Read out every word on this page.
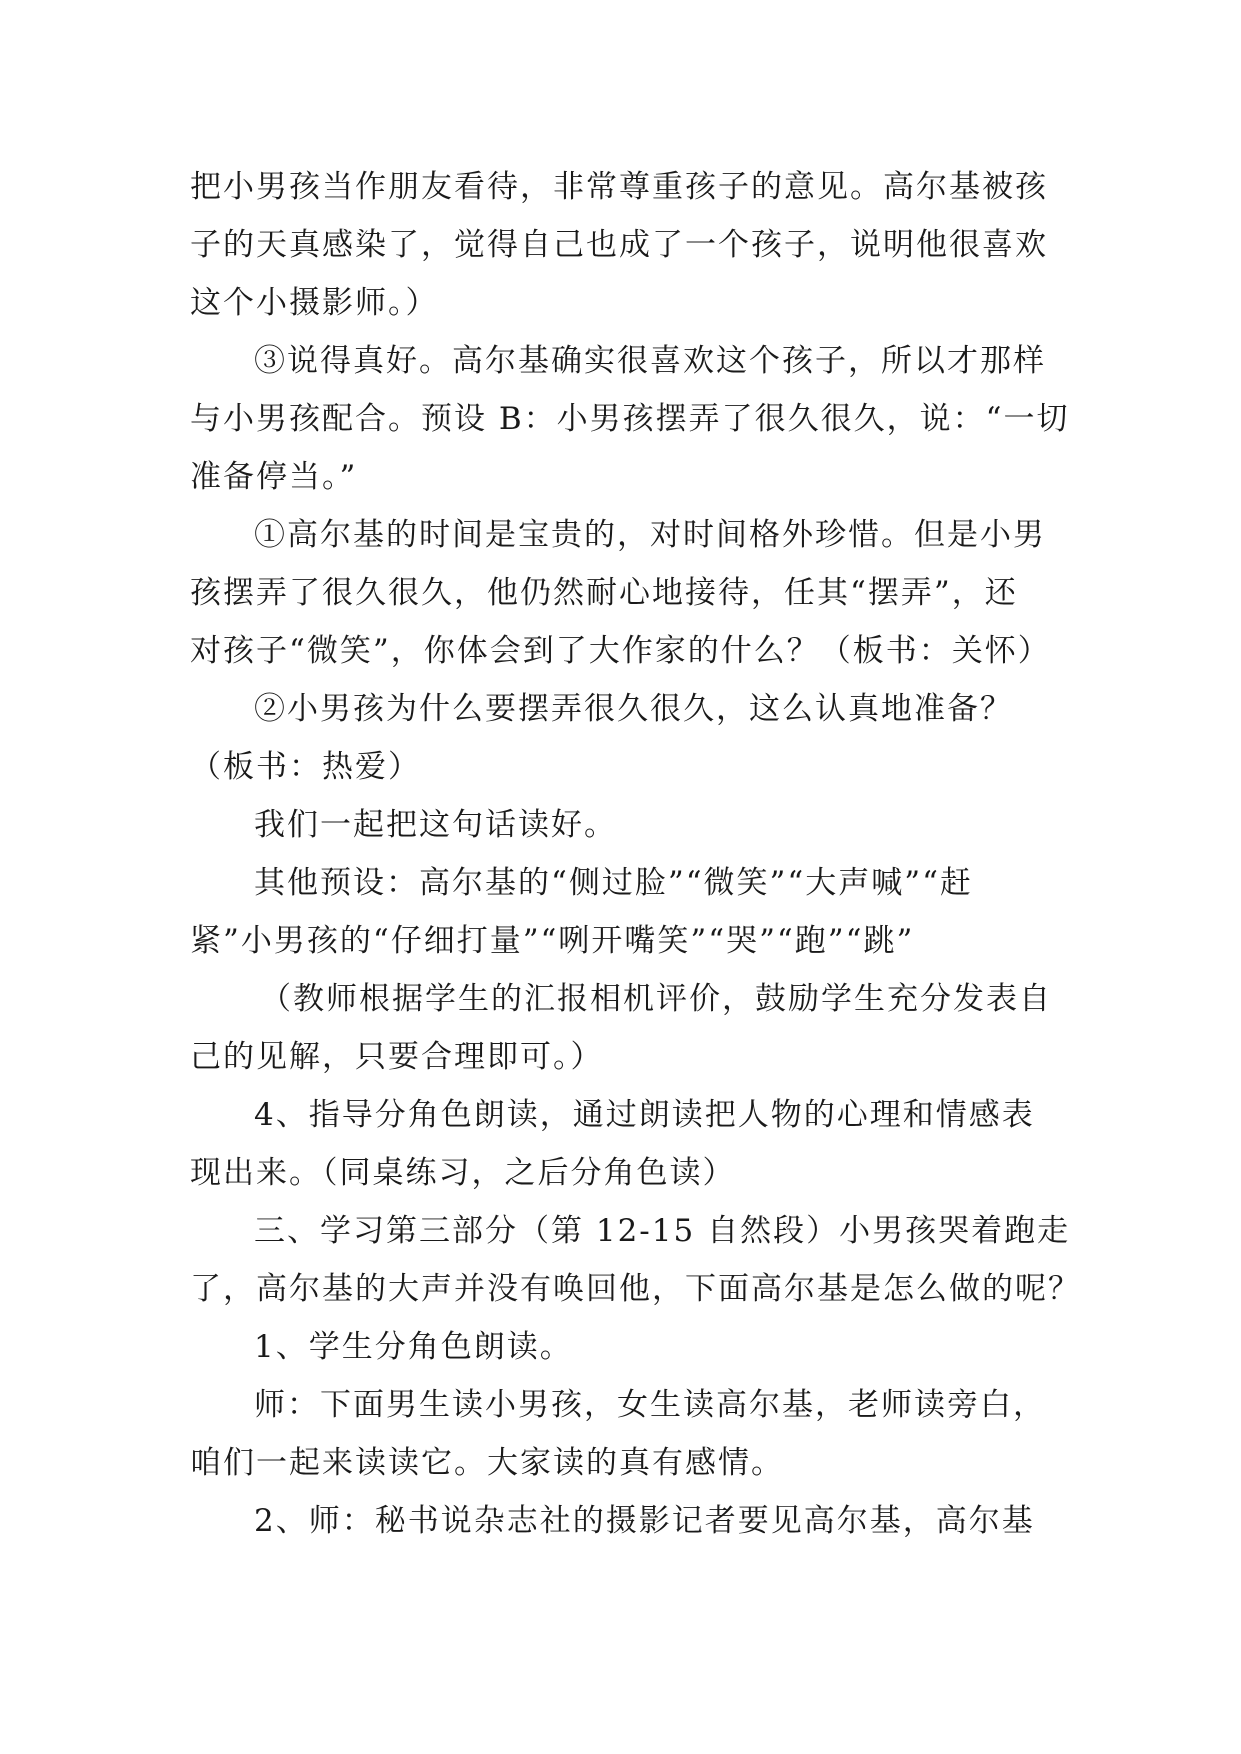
把小男孩当作朋友看待，非常尊重孩子的意见。高尔基被孩
子的天真感染了，觉得自己也成了一个孩子，说明他很喜欢
这个小摄影师。）
③说得真好。高尔基确实很喜欢这个孩子，所以才那样
与小男孩配合。预设 B：小男孩摆弄了很久很久，说：“一切
准备停当。”
①高尔基的时间是宝贵的，对时间格外珍惜。但是小男
孩摆弄了很久很久，他仍然耐心地接待，任其“摆弄”，还
对孩子“微笑”，你体会到了大作家的什么？（板书：关怀）
②小男孩为什么要摆弄很久很久，这么认真地准备？
（板书：热爱）
我们一起把这句话读好。
其他预设：高尔基的“侧过脸”“微笑”“大声喊”“赶
紧”小男孩的“仔细打量”“咧开嘴笑”“哭”“跑”“跳”
（教师根据学生的汇报相机评价，鼓励学生充分发表自
己的见解，只要合理即可。）
4、指导分角色朗读，通过朗读把人物的心理和情感表
现出来。（同桌练习，之后分角色读）
三、学习第三部分（第 12-15 自然段）小男孩哭着跑走
了，高尔基的大声并没有唤回他，下面高尔基是怎么做的呢？
1、学生分角色朗读。
师：下面男生读小男孩，女生读高尔基，老师读旁白，
咱们一起来读读它。大家读的真有感情。
2、师：秘书说杂志社的摄影记者要见高尔基，高尔基
